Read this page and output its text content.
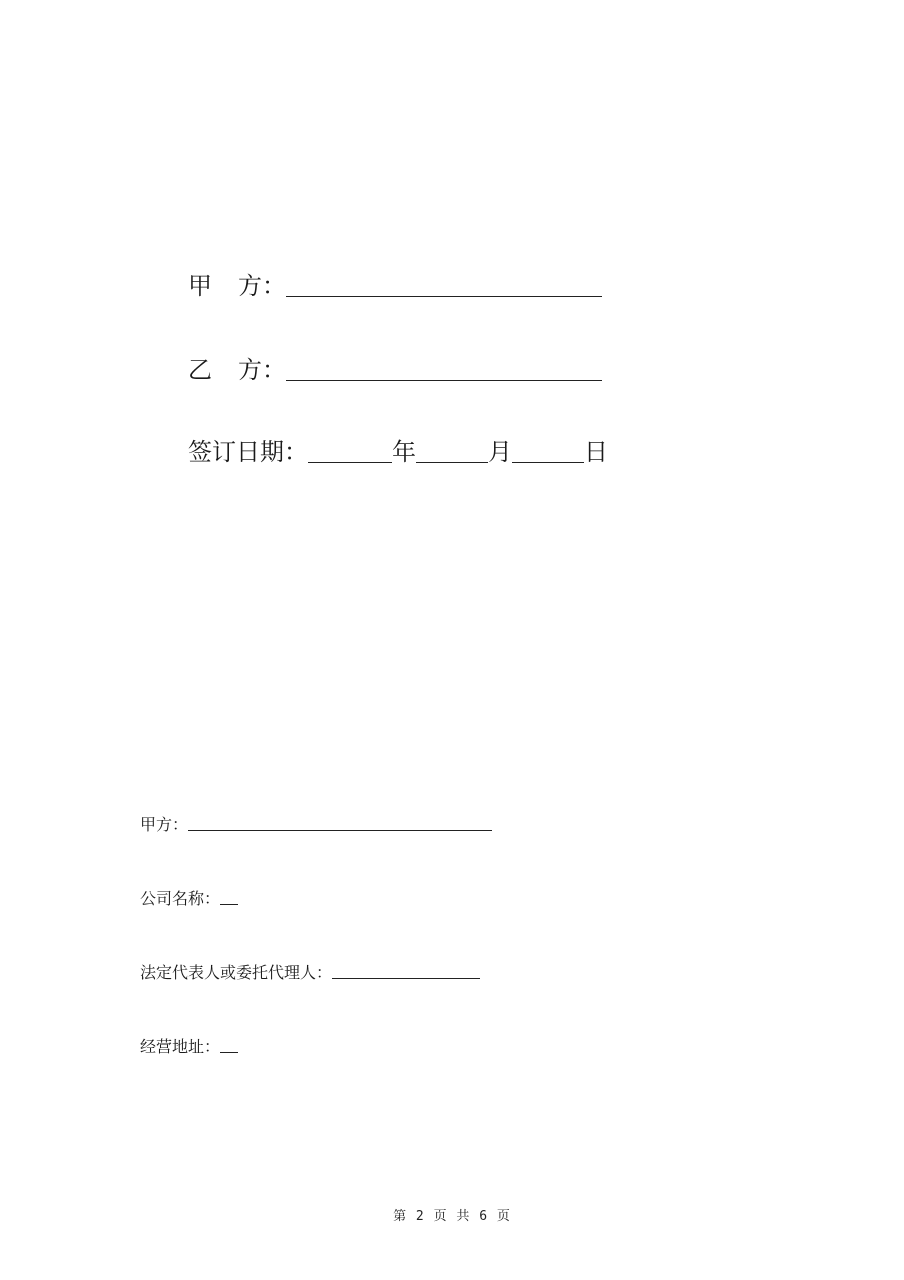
甲 方 ：
乙 方 ：
签订日期：	年	月	日
甲方：
公司名称：
法定代表人或委托代理人：
经营地址：
第 2 页 共 6 页
